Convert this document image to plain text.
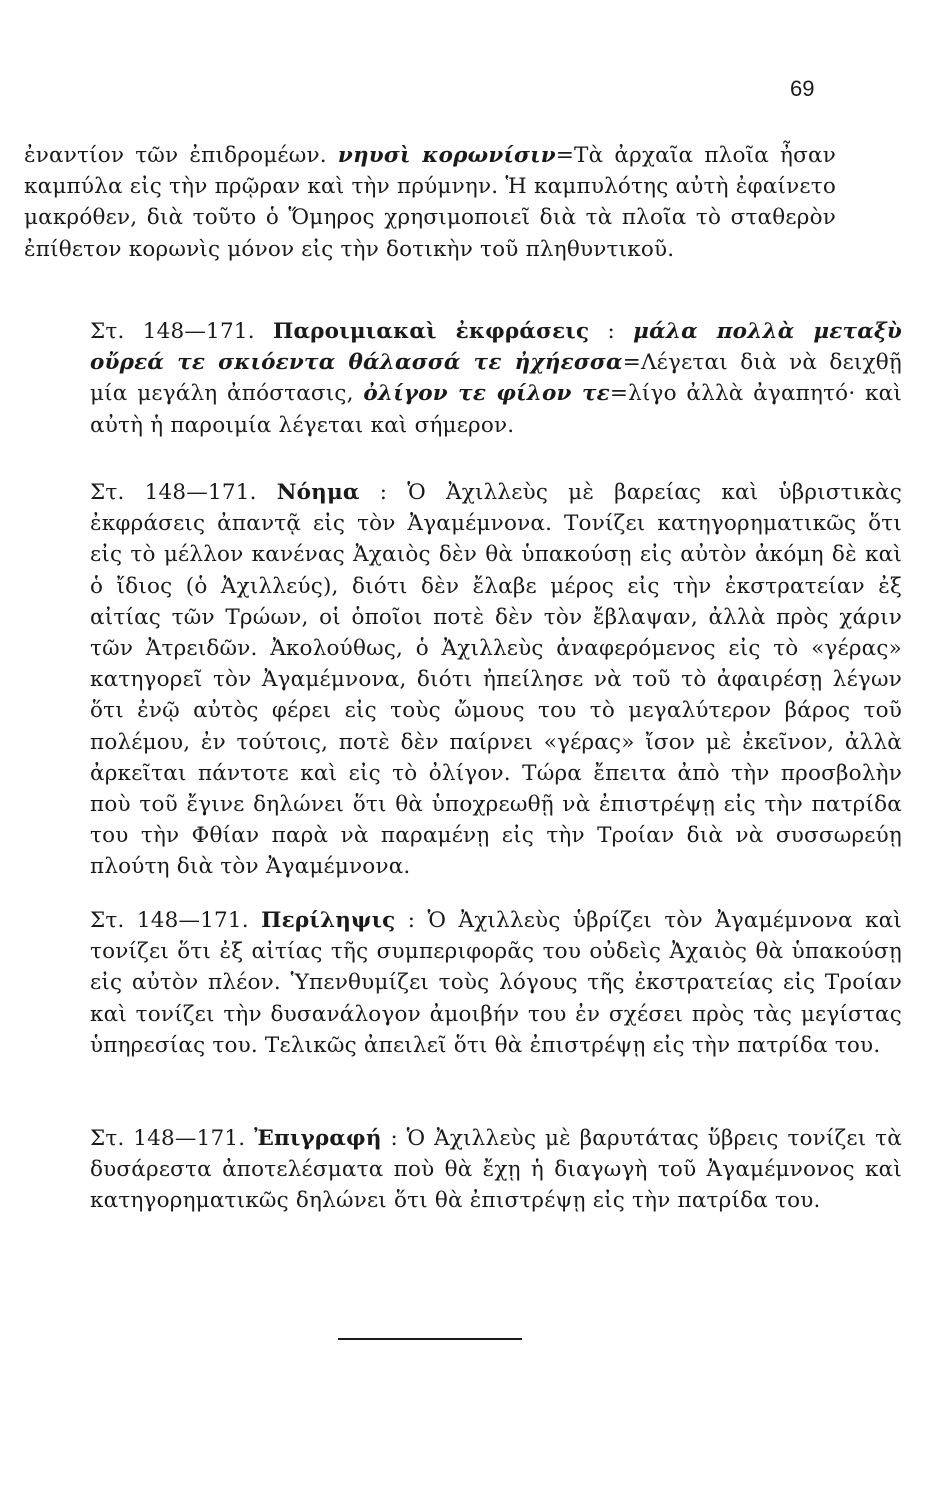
69
ἐναντίον τῶν ἐπιδρομέων. νηυσὶ κορωνίσιν=Τὰ ἀρχαῖα πλοῖα ἦσαν καμπύλα εἰς τὴν πρῷραν καὶ τὴν πρύμνην. Ἡ καμπυλότης αὐτὴ ἐφαίνετο μακρόθεν, διὰ τοῦτο ὁ Ὅμηρος χρησιμοποιεῖ διὰ τὰ πλοῖα τὸ σταθερὸν ἐπίθετον κορωνὶς μόνον εἰς τὴν δοτικὴν τοῦ πληθυντικοῦ.
Στ. 148—171. Παροιμιακαὶ ἐκφράσεις : μάλα πολλὰ μεταξὺ οὔρεά τε σκιόεντα θάλασσά τε ἠχήεσσα=Λέγεται διὰ νὰ δειχθῇ μία μεγάλη ἀπόστασις, ὀλίγον τε φίλον τε=λίγο ἀλλὰ ἀγαπητό· καὶ αὐτὴ ἡ παροιμία λέγεται καὶ σήμερον.
Στ. 148—171. Νόημα : Ὁ Ἀχιλλεὺς μὲ βαρείας καὶ ὑβριστικὰς ἐκφράσεις ἀπαντᾷ εἰς τὸν Ἀγαμέμνονα. Τονίζει κατηγορηματικῶς ὅτι εἰς τὸ μέλλον κανένας Ἀχαιὸς δὲν θὰ ὑπακούσῃ εἰς αὐτὸν ἀκόμη δὲ καὶ ὁ ἴδιος (ὁ Ἀχιλλεύς), διότι δὲν ἔλαβε μέρος εἰς τὴν ἐκστρατείαν ἐξ αἰτίας τῶν Τρώων, οἱ ὁποῖοι ποτὲ δὲν τὸν ἔβλαψαν, ἀλλὰ πρὸς χάριν τῶν Ἀτρειδῶν. Ἀκολούθως, ὁ Ἀχιλλεὺς ἀναφερόμενος εἰς τὸ «γέρας» κατηγορεῖ τὸν Ἀγαμέμνονα, διότι ἠπείλησε νὰ τοῦ τὸ ἀφαιρέσῃ λέγων ὅτι ἐνῷ αὐτὸς φέρει εἰς τοὺς ὤμους του τὸ μεγαλύτερον βάρος τοῦ πολέμου, ἐν τούτοις, ποτὲ δὲν παίρνει «γέρας» ἴσον μὲ ἐκεῖνον, ἀλλὰ ἀρκεῖται πάντοτε καὶ εἰς τὸ ὀλίγον. Τώρα ἔπειτα ἀπὸ τὴν προσβολὴν ποὺ τοῦ ἔγινε δηλώνει ὅτι θὰ ὑποχρεωθῇ νὰ ἐπιστρέψῃ εἰς τὴν πατρίδα του τὴν Φθίαν παρὰ νὰ παραμένῃ εἰς τὴν Τροίαν διὰ νὰ συσσωρεύῃ πλούτη διὰ τὸν Ἀγαμέμνονα.
Στ. 148—171. Περίληψις : Ὁ Ἀχιλλεὺς ὑβρίζει τὸν Ἀγαμέμνονα καὶ τονίζει ὅτι ἐξ αἰτίας τῆς συμπεριφορᾶς του οὐδεὶς Ἀχαιὸς θὰ ὑπακούσῃ εἰς αὐτὸν πλέον. Ὑπενθυμίζει τοὺς λόγους τῆς ἐκστρατείας εἰς Τροίαν καὶ τονίζει τὴν δυσανάλογον ἀμοιβήν του ἐν σχέσει πρὸς τὰς μεγίστας ὑπηρεσίας του. Τελικῶς ἀπειλεῖ ὅτι θὰ ἐπιστρέψῃ εἰς τὴν πατρίδα του.
Στ. 148—171. Ἐπιγραφή : Ὁ Ἀχιλλεὺς μὲ βαρυτάτας ὕβρεις τονίζει τὰ δυσάρεστα ἀποτελέσματα ποὺ θὰ ἔχῃ ἡ διαγωγὴ τοῦ Ἀγαμέμνονος καὶ κατηγορηματικῶς δηλώνει ὅτι θὰ ἐπιστρέψῃ εἰς τὴν πατρίδα του.
